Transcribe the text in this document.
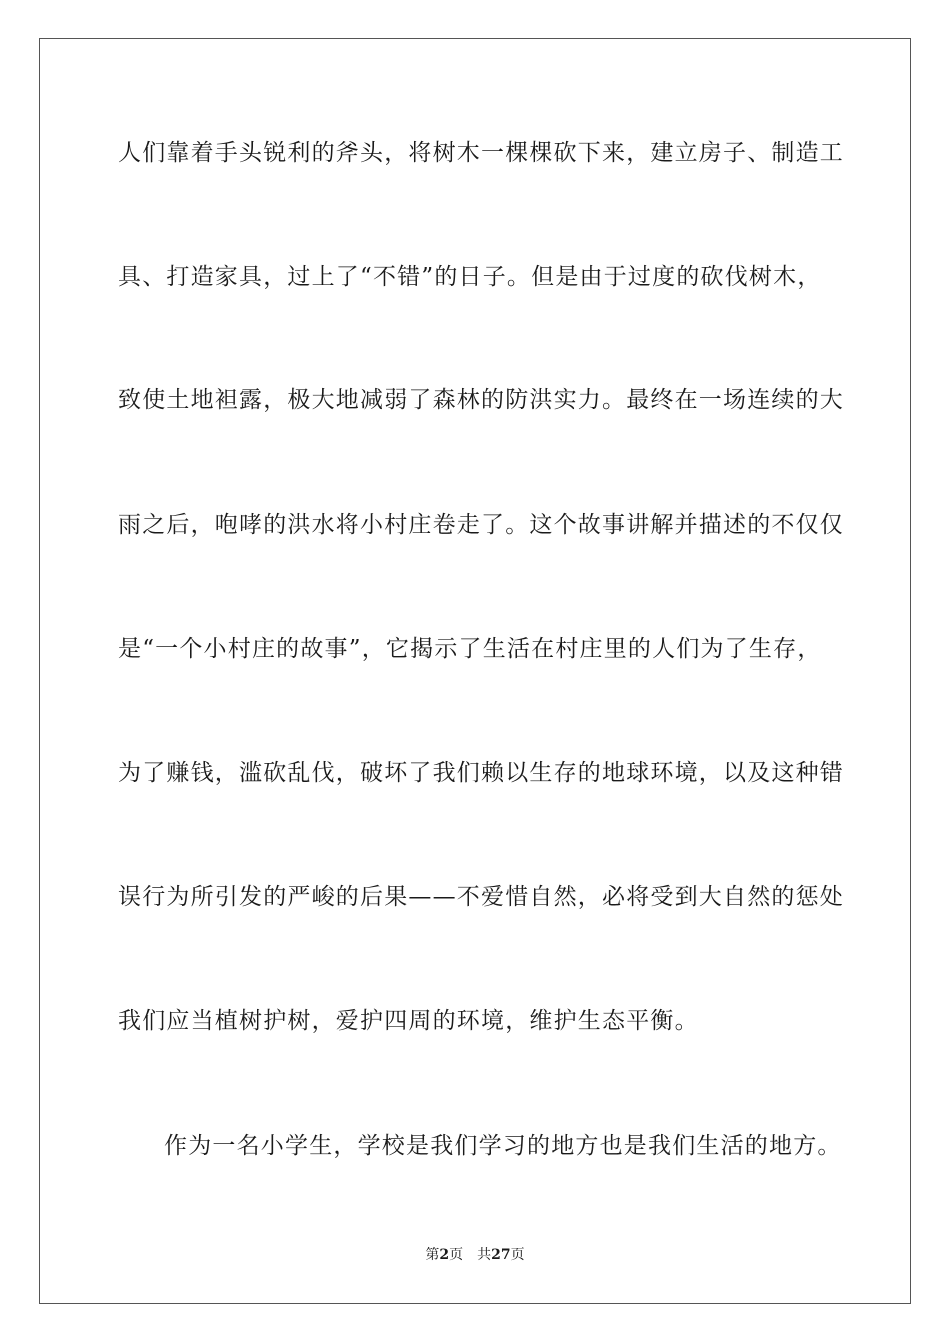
人们靠着手头锐利的斧头，将树木一棵棵砍下来，建立房子、制造工
具、打造家具，过上了“不错”的日子。但是由于过度的砍伐树木，
致使土地袒露，极大地减弱了森林的防洪实力。最终在一场连续的大
雨之后，咆哮的洪水将小村庄卷走了。这个故事讲解并描述的不仅仅
是“一个小村庄的故事”，它揭示了生活在村庄里的人们为了生存，
为了赚钱，滥砍乱伐，破坏了我们赖以生存的地球环境，以及这种错
误行为所引发的严峻的后果——不爱惜自然，必将受到大自然的惩处
我们应当植树护树，爱护四周的环境，维护生态平衡。
作为一名小学生，学校是我们学习的地方也是我们生活的地方。
第2页 共27页
